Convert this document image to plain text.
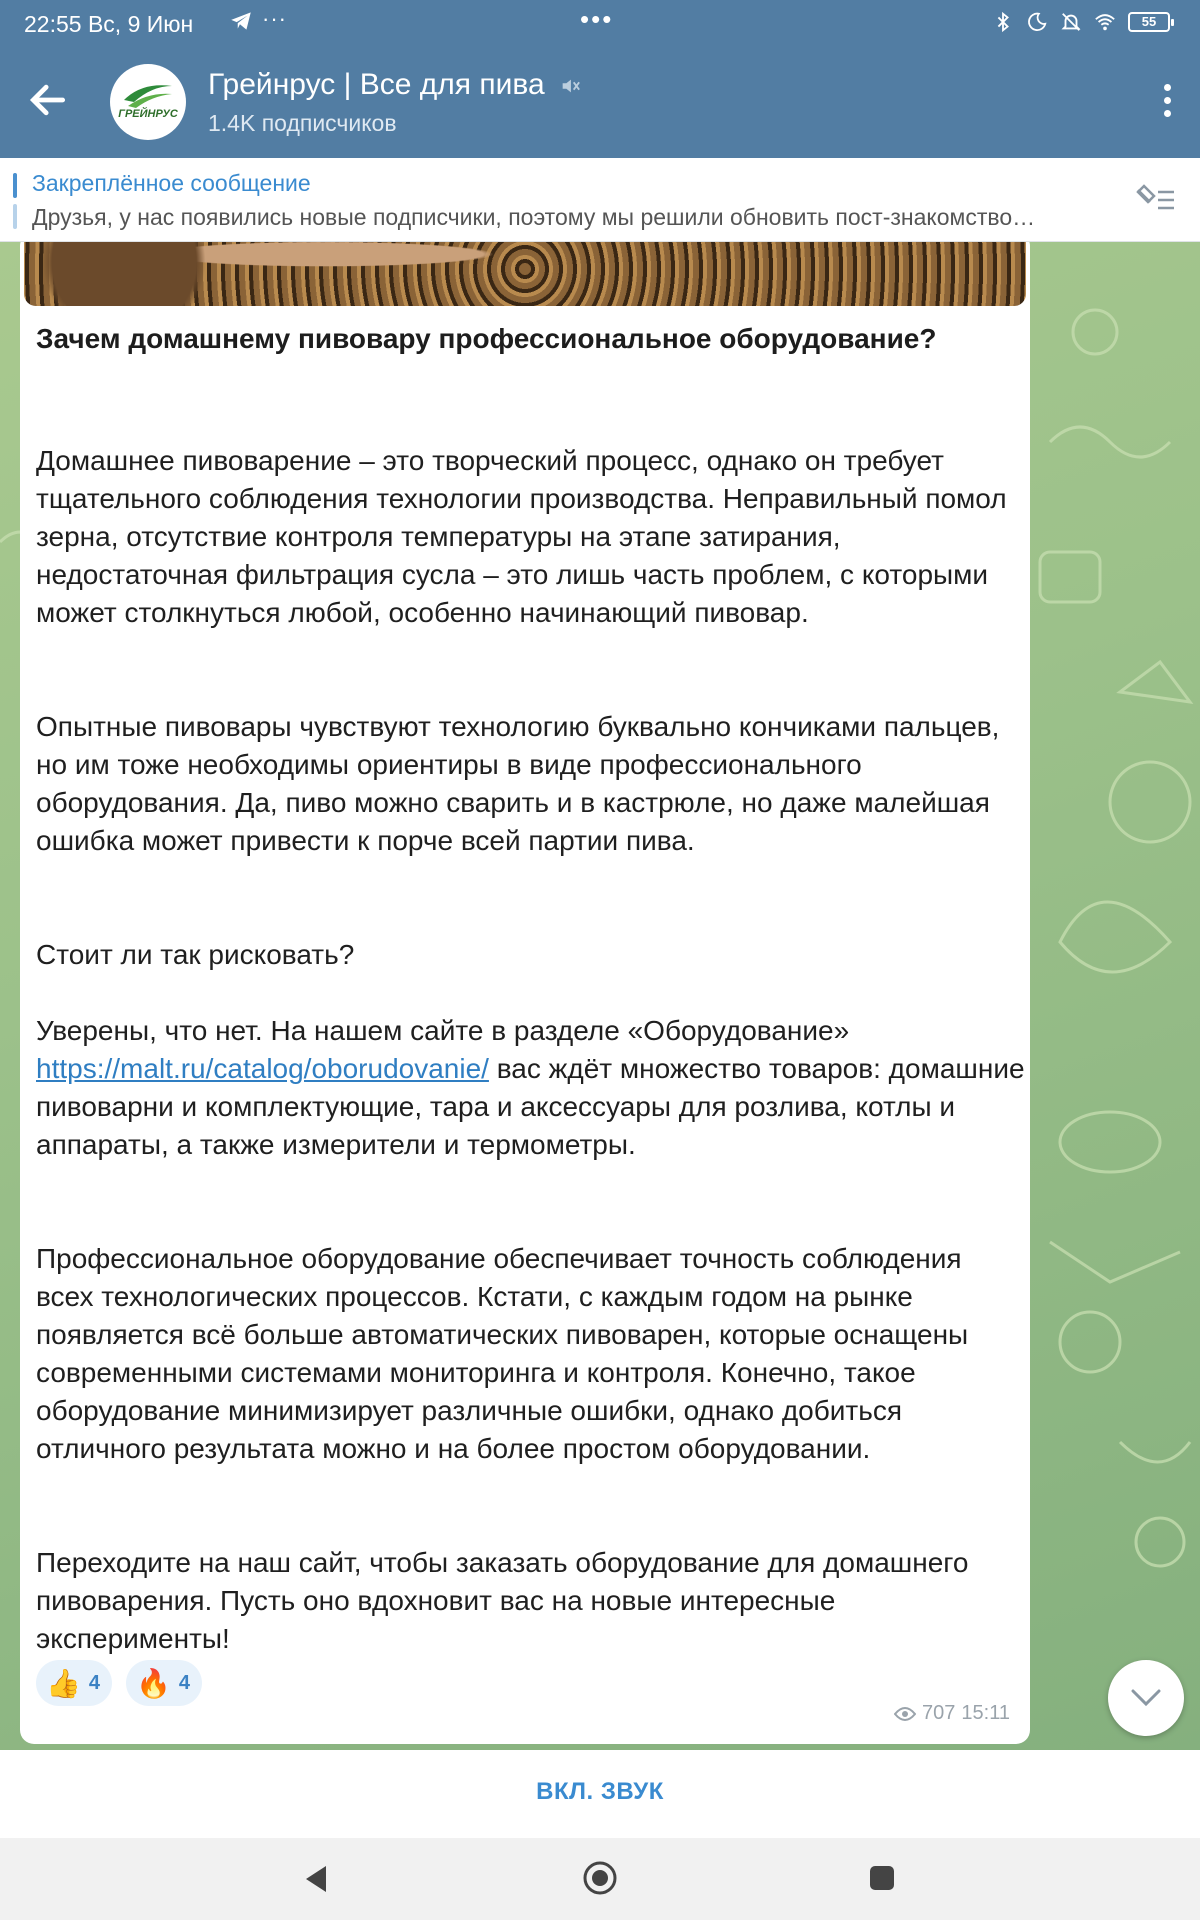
22:55 Вс, 9 Июн	···	•••	55
ГРЕЙНРУС
Грейнрус | Все для пива
1.4K подписчиков
Закреплённое сообщение
Друзья, у нас появились новые подписчики, поэтому мы решили обновить пост-знакомство…
Зачем домашнему пивовару профессиональное оборудование?
Домашнее пивоварение – это творческий процесс, однако он требует тщательного соблюдения технологии производства. Неправильный помол зерна, отсутствие контроля температуры на этапе затирания, недостаточная фильтрация сусла – это лишь часть проблем, с которыми может столкнуться любой, особенно начинающий пивовар.
Опытные пивовары чувствуют технологию буквально кончиками пальцев, но им тоже необходимы ориентиры в виде профессионального оборудования. Да, пиво можно сварить и в кастрюле, но даже малейшая ошибка может привести к порче всей партии пива.
Стоит ли так рисковать?
Уверены, что нет. На нашем сайте в разделе «Оборудование» https://malt.ru/catalog/oborudovanie/ вас ждёт множество товаров: домашние пивоварни и комплектующие, тара и аксессуары для розлива, котлы и аппараты, а также измерители и термометры.
Профессиональное оборудование обеспечивает точность соблюдения всех технологических процессов. Кстати, с каждым годом на рынке появляется всё больше автоматических пивоварен, которые оснащены современными системами мониторинга и контроля. Конечно, такое оборудование минимизирует различные ошибки, однако добиться отличного результата можно и на более простом оборудовании.
Переходите на наш сайт, чтобы заказать оборудование для домашнего пивоварения. Пусть оно вдохновит вас на новые интересные эксперименты!
👍 4 🔥 4
707 15:11
ВКЛ. ЗВУК
